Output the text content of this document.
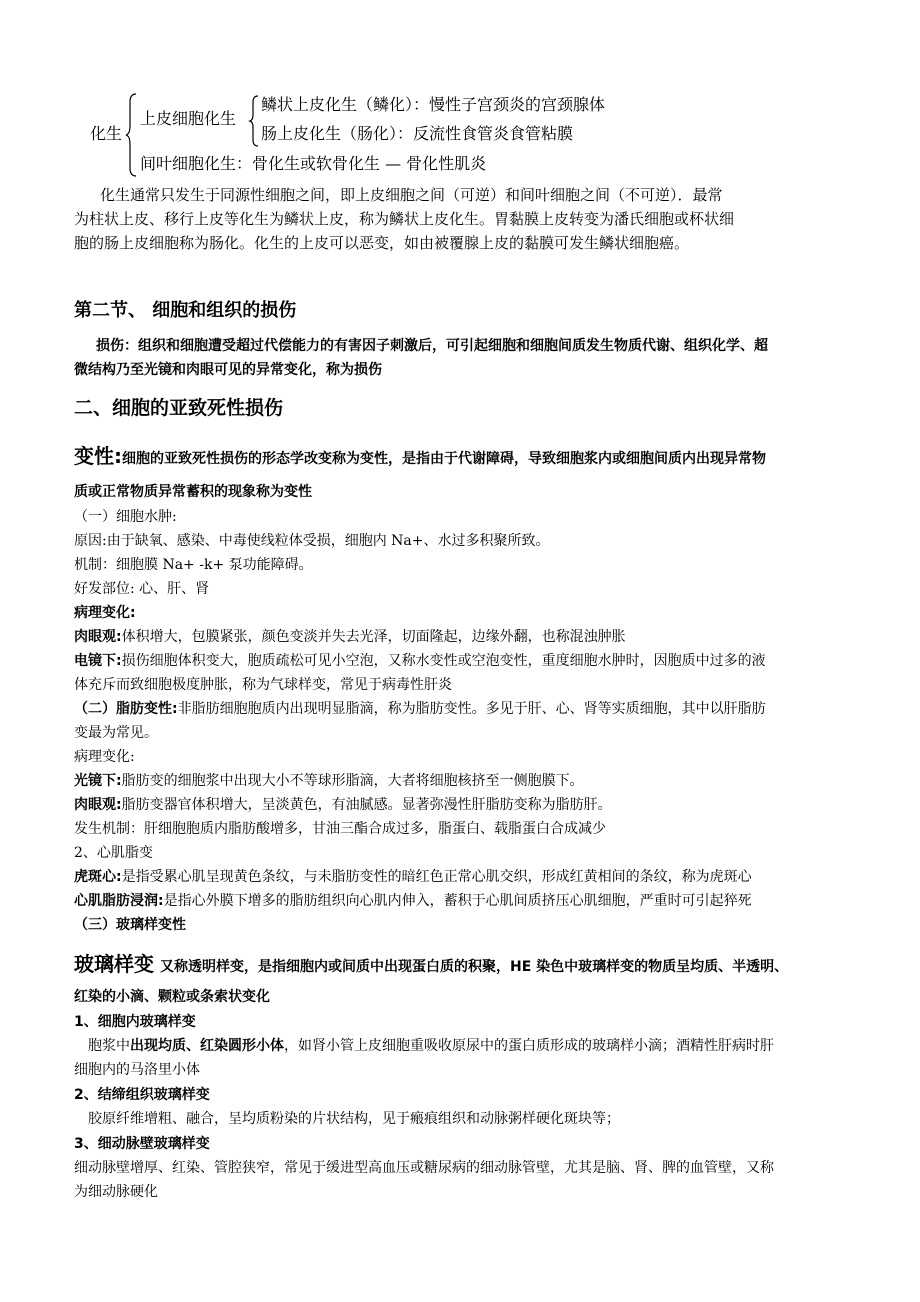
化生
上皮细胞化生
鳞状上皮化生（鳞化）：慢性子宫颈炎的宫颈腺体
肠上皮化生（肠化）：反流性食管炎食管粘膜
间叶细胞化生：骨化生或软骨化生 — 骨化性肌炎
化生通常只发生于同源性细胞之间，即上皮细胞之间（可逆）和间叶细胞之间（不可逆）．最常
为柱状上皮、移行上皮等化生为鳞状上皮，称为鳞状上皮化生。胃黏膜上皮转变为潘氏细胞或杯状细
胞的肠上皮细胞称为肠化。化生的上皮可以恶变，如由被覆腺上皮的黏膜可发生鳞状细胞癌。
第二节、 细胞和组织的损伤
损伤：组织和细胞遭受超过代偿能力的有害因子刺激后，可引起细胞和细胞间质发生物质代谢、组织化学、超
微结构乃至光镜和肉眼可见的异常变化，称为损伤
二、细胞的亚致死性损伤
变性:细胞的亚致死性损伤的形态学改变称为变性，是指由于代谢障碍，导致细胞浆内或细胞间质内出现异常物
质或正常物质异常蓄积的现象称为变性
（一）细胞水肿:
原因:由于缺氧、感染、中毒使线粒体受损，细胞内 Na+、水过多积聚所致。
机制：细胞膜 Na+ -k+ 泵功能障碍。
好发部位: 心、肝、肾
病理变化:
肉眼观:体积增大，包膜紧张，颜色变淡并失去光泽，切面隆起，边缘外翻，也称混浊肿胀
电镜下:损伤细胞体积变大，胞质疏松可见小空泡，又称水变性或空泡变性，重度细胞水肿时，因胞质中过多的液
体充斥而致细胞极度肿胀，称为气球样变，常见于病毒性肝炎
（二）脂肪变性:非脂肪细胞胞质内出现明显脂滴，称为脂肪变性。多见于肝、心、肾等实质细胞，其中以肝脂肪
变最为常见。
病理变化:
光镜下:脂肪变的细胞浆中出现大小不等球形脂滴，大者将细胞核挤至一侧胞膜下。
肉眼观:脂肪变器官体积增大，呈淡黄色，有油腻感。显著弥漫性肝脂肪变称为脂肪肝。
发生机制：肝细胞胞质内脂肪酸增多，甘油三酯合成过多，脂蛋白、载脂蛋白合成减少
2、心肌脂变
虎斑心:是指受累心肌呈现黄色条纹，与未脂肪变性的暗红色正常心肌交织，形成红黄相间的条纹，称为虎斑心
心肌脂肪浸润:是指心外膜下增多的脂肪组织向心肌内伸入，蓄积于心肌间质挤压心肌细胞，严重时可引起猝死
（三）玻璃样变性
玻璃样变 又称透明样变，是指细胞内或间质中出现蛋白质的积聚，HE 染色中玻璃样变的物质呈均质、半透明、
红染的小滴、颗粒或条索状变化
1、细胞内玻璃样变
胞浆中出现均质、红染圆形小体，如肾小管上皮细胞重吸收原尿中的蛋白质形成的玻璃样小滴；酒精性肝病时肝
细胞内的马洛里小体
2、结缔组织玻璃样变
胶原纤维增粗、融合，呈均质粉染的片状结构，见于瘢痕组织和动脉粥样硬化斑块等；
3、细动脉壁玻璃样变
细动脉壁增厚、红染、管腔狭窄，常见于缓进型高血压或糖尿病的细动脉管壁，尤其是脑、肾、脾的血管壁，又称
为细动脉硬化
